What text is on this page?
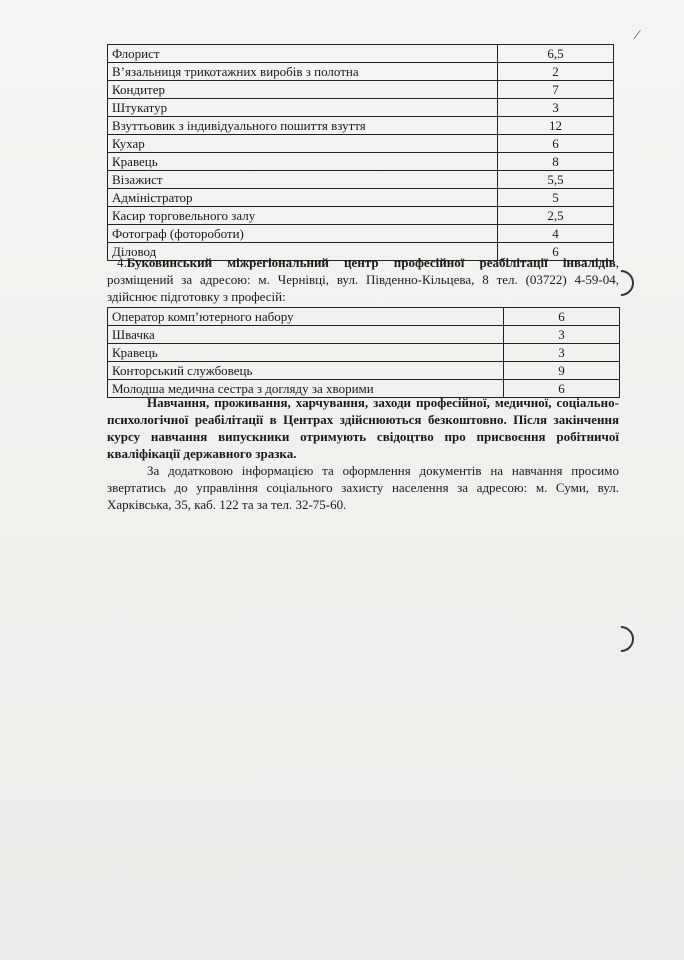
Флорист	6,5
В’язальниця трикотажних виробів з полотна	2
Кондитер	7
Штукатур	3
Взуттьовик з індивідуального пошиття взуття	12
Кухар	6
Кравець	8
Візажист	5,5
Адміністратор	5
Касир торговельного залу	2,5
Фотограф (фотороботи)	4
Діловод	6
4.Буковинський міжрегіональний центр професійної реабілітації інвалідів, розміщений за адресою: м. Чернівці, вул. Південно-Кільцева, 8 тел. (03722) 4-59-04, здійснює підготовку з професій:
Оператор комп’ютерного набору	6
Швачка	3
Кравець	3
Конторський службовець	9
Молодша медична сестра з догляду за хворими	6
Навчання, проживання, харчування, заходи професійної, медичної, соціально-психологічної реабілітації в Центрах здійснюються безкоштовно. Після закінчення курсу навчання випускники отримують свідоцтво про присвоєння робітничої кваліфікації державного зразка.
За додатковою інформацією та оформлення документів на навчання просимо звертатись до управління соціального захисту населення за адресою: м. Суми, вул. Харківська, 35, каб. 122 та за тел. 32-75-60.
⁄
